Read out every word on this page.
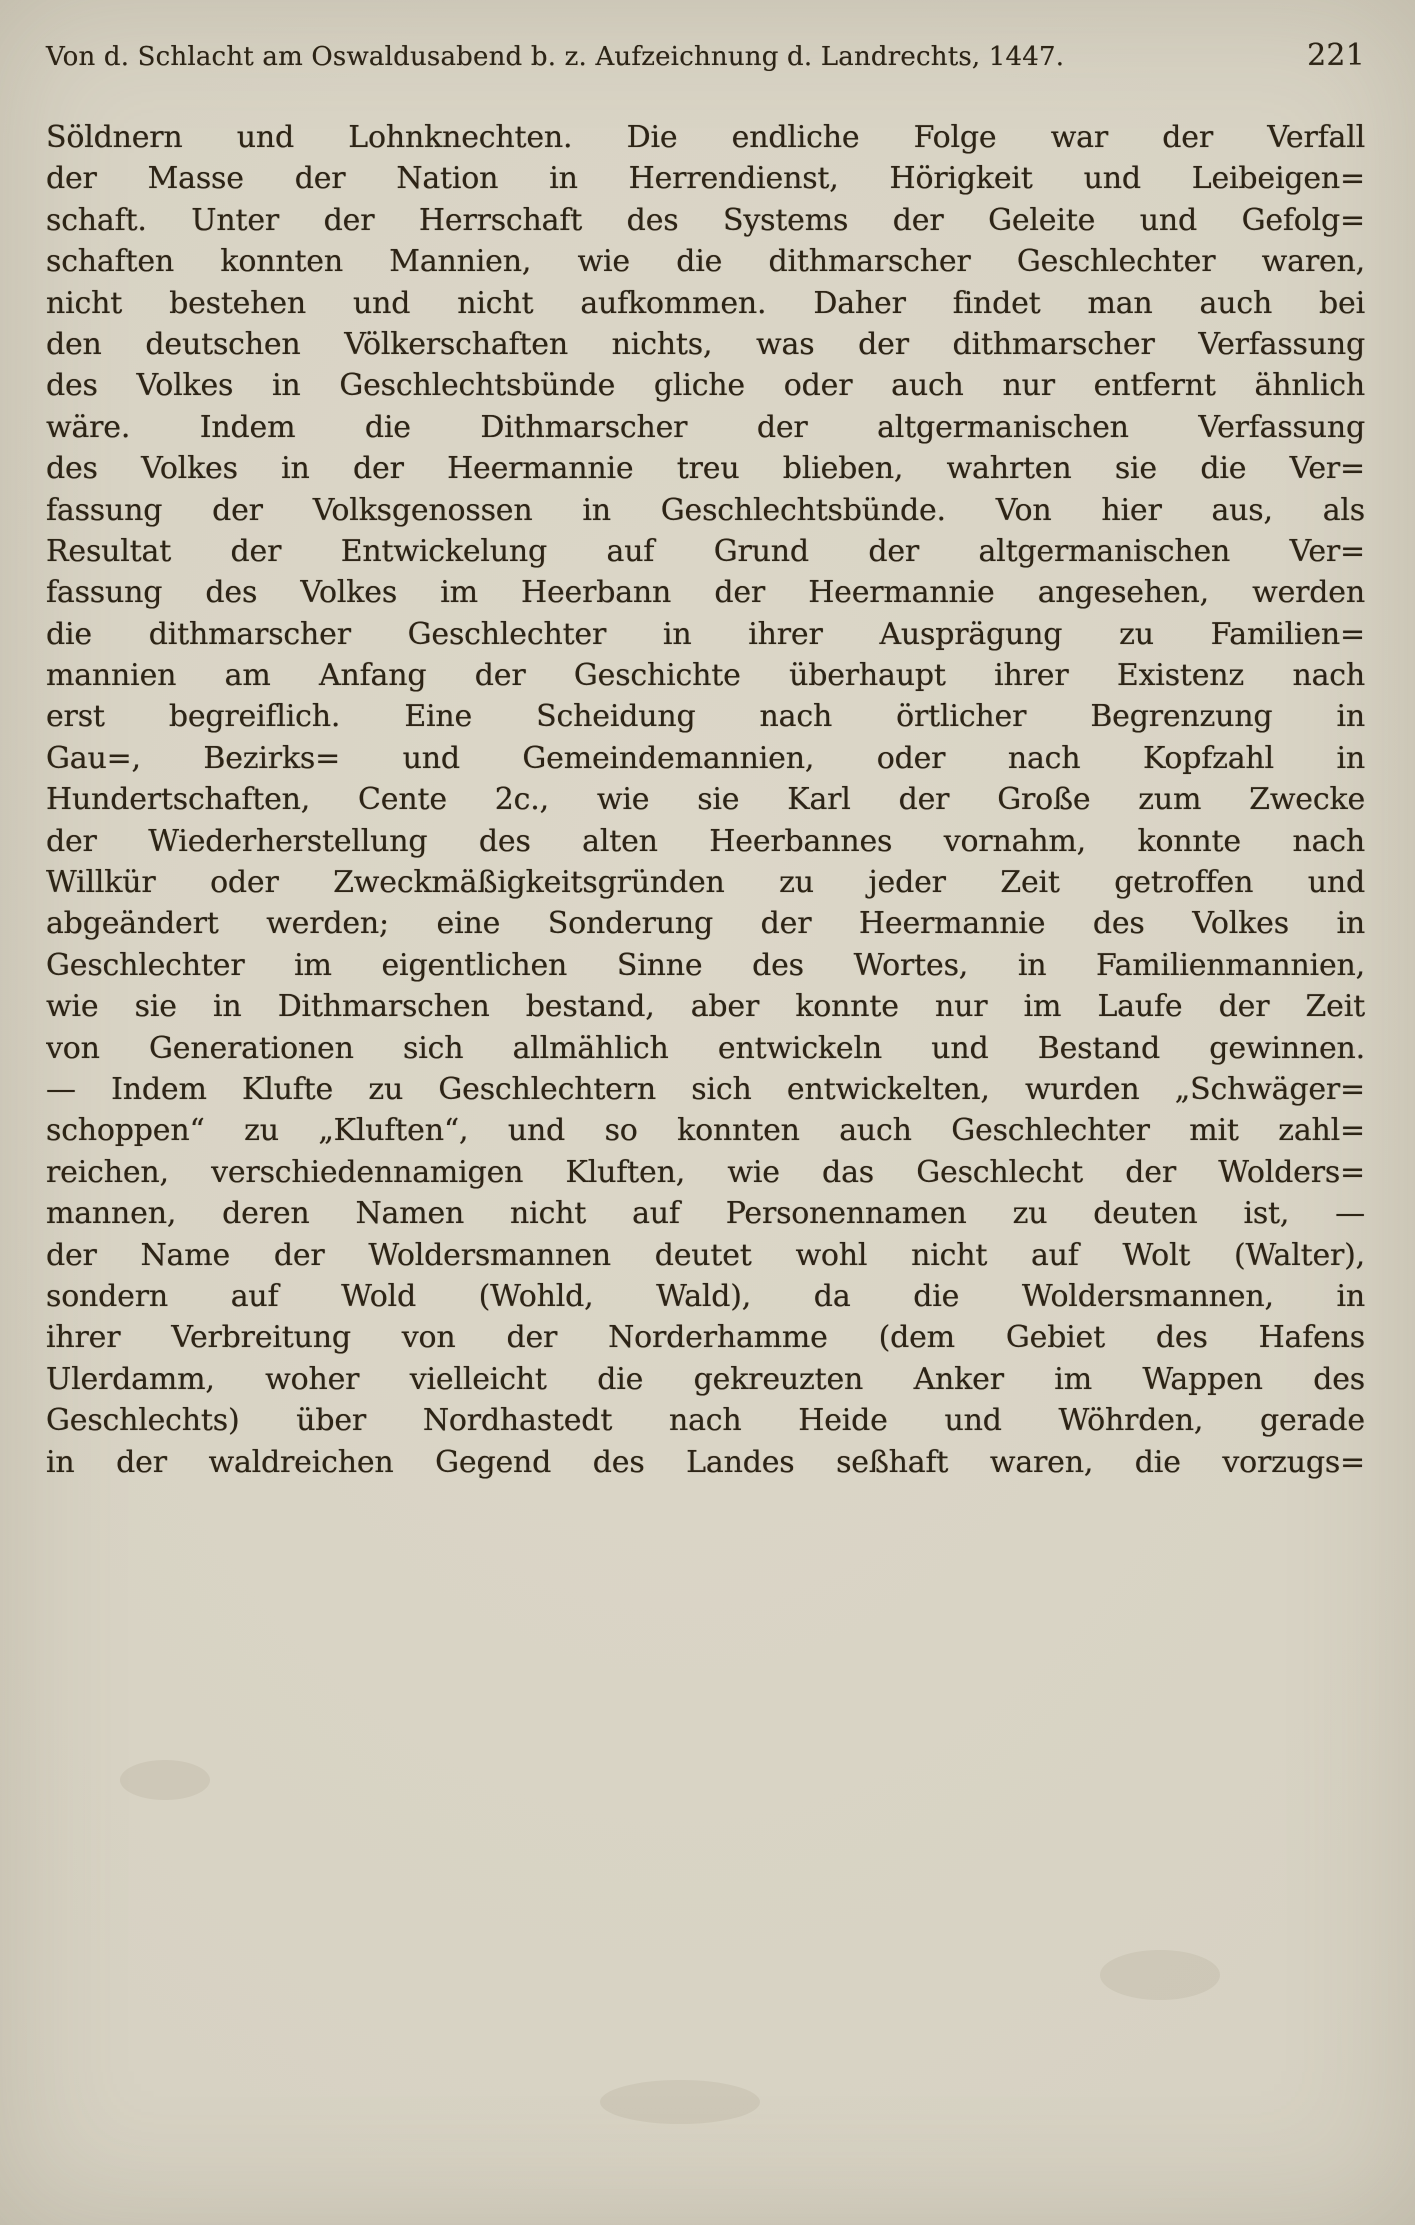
Von d. Schlacht am Oswaldusabend b. z. Aufzeichnung d. Landrechts, 1447.	221
Söldnern und Lohnknechten. Die endliche Folge war der Verfall
der Masse der Nation in Herrendienst, Hörigkeit und Leibeigen=
schaft. Unter der Herrschaft des Systems der Geleite und Gefolg=
schaften konnten Mannien, wie die dithmarscher Geschlechter waren,
nicht bestehen und nicht aufkommen. Daher findet man auch bei
den deutschen Völkerschaften nichts, was der dithmarscher Verfassung
des Volkes in Geschlechtsbünde gliche oder auch nur entfernt ähnlich
wäre. Indem die Dithmarscher der altgermanischen Verfassung
des Volkes in der Heermannie treu blieben, wahrten sie die Ver=
fassung der Volksgenossen in Geschlechtsbünde. Von hier aus, als
Resultat der Entwickelung auf Grund der altgermanischen Ver=
fassung des Volkes im Heerbann der Heermannie angesehen, werden
die dithmarscher Geschlechter in ihrer Ausprägung zu Familien=
mannien am Anfang der Geschichte überhaupt ihrer Existenz nach
erst begreiflich. Eine Scheidung nach örtlicher Begrenzung in
Gau=, Bezirks= und Gemeindemannien, oder nach Kopfzahl in
Hundertschaften, Cente 2c., wie sie Karl der Große zum Zwecke
der Wiederherstellung des alten Heerbannes vornahm, konnte nach
Willkür oder Zweckmäßigkeitsgründen zu jeder Zeit getroffen und
abgeändert werden; eine Sonderung der Heermannie des Volkes in
Geschlechter im eigentlichen Sinne des Wortes, in Familienmannien,
wie sie in Dithmarschen bestand, aber konnte nur im Laufe der Zeit
von Generationen sich allmählich entwickeln und Bestand gewinnen.
— Indem Klufte zu Geschlechtern sich entwickelten, wurden „Schwäger=
schoppen“ zu „Kluften“, und so konnten auch Geschlechter mit zahl=
reichen, verschiedennamigen Kluften, wie das Geschlecht der Wolders=
mannen, deren Namen nicht auf Personennamen zu deuten ist, —
der Name der Woldersmannen deutet wohl nicht auf Wolt (Walter),
sondern auf Wold (Wohld, Wald), da die Woldersmannen, in
ihrer Verbreitung von der Norderhamme (dem Gebiet des Hafens
Ulerdamm, woher vielleicht die gekreuzten Anker im Wappen des
Geschlechts) über Nordhastedt nach Heide und Wöhrden, gerade
in der waldreichen Gegend des Landes seßhaft waren, die vorzugs=
